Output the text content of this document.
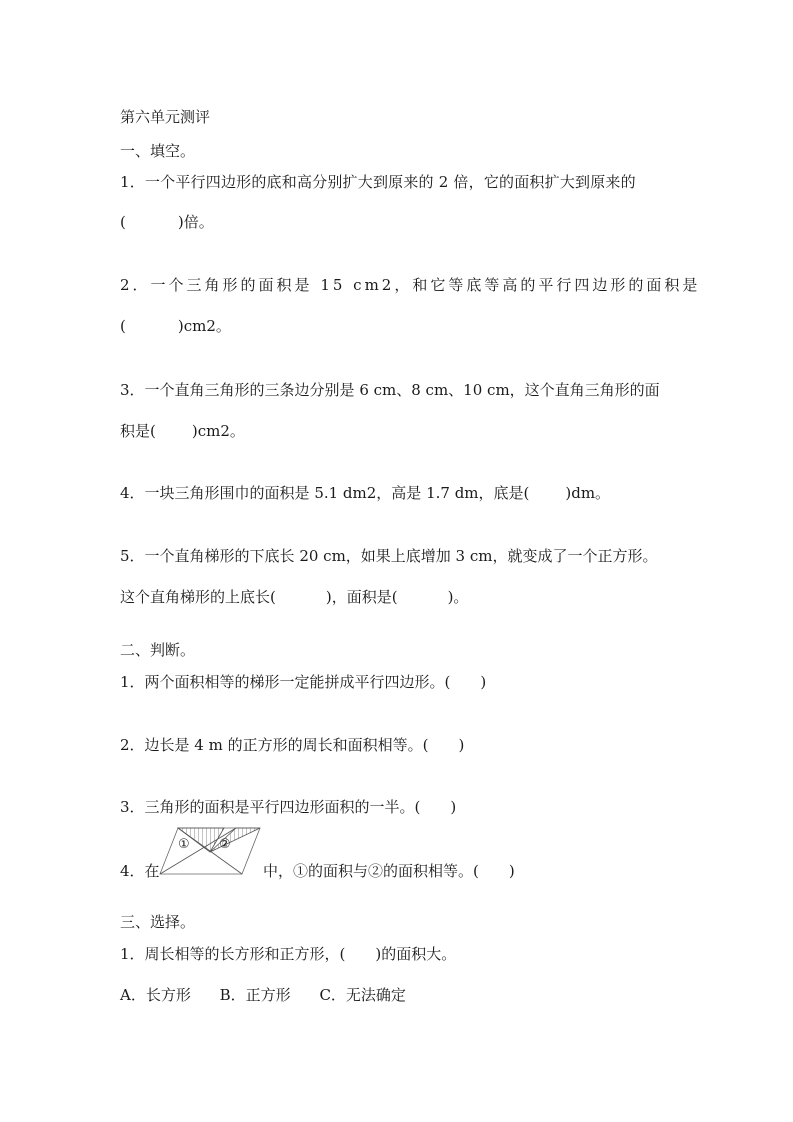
第六单元测评
一、填空。
1．一个平行四边形的底和高分别扩大到原来的 2 倍，它的面积扩大到原来的
(	)倍。
2．一个三角形的面积是 15 cm2，和它等底等高的平行四边形的面积是
(	)cm2。
3．一个直角三角形的三条边分别是 6 cm、8 cm、10 cm，这个直角三角形的面
积是( )cm2。
4．一块三角形围巾的面积是 5.1 dm2，高是 1.7 dm，底是( )dm。
5．一个直角梯形的下底长 20 cm，如果上底增加 3 cm，就变成了一个正方形。
这个直角梯形的上底长(	)，面积是(	)。
二、判断。
1．两个面积相等的梯形一定能拼成平行四边形。( )
2．边长是 4 m 的正方形的周长和面积相等。( )
3．三角形的面积是平行四边形面积的一半。( )
4．在
① ②
中，①的面积与②的面积相等。( )
三、选择。
1．周长相等的长方形和正方形，( )的面积大。
A．长方形 B．正方形 C．无法确定
